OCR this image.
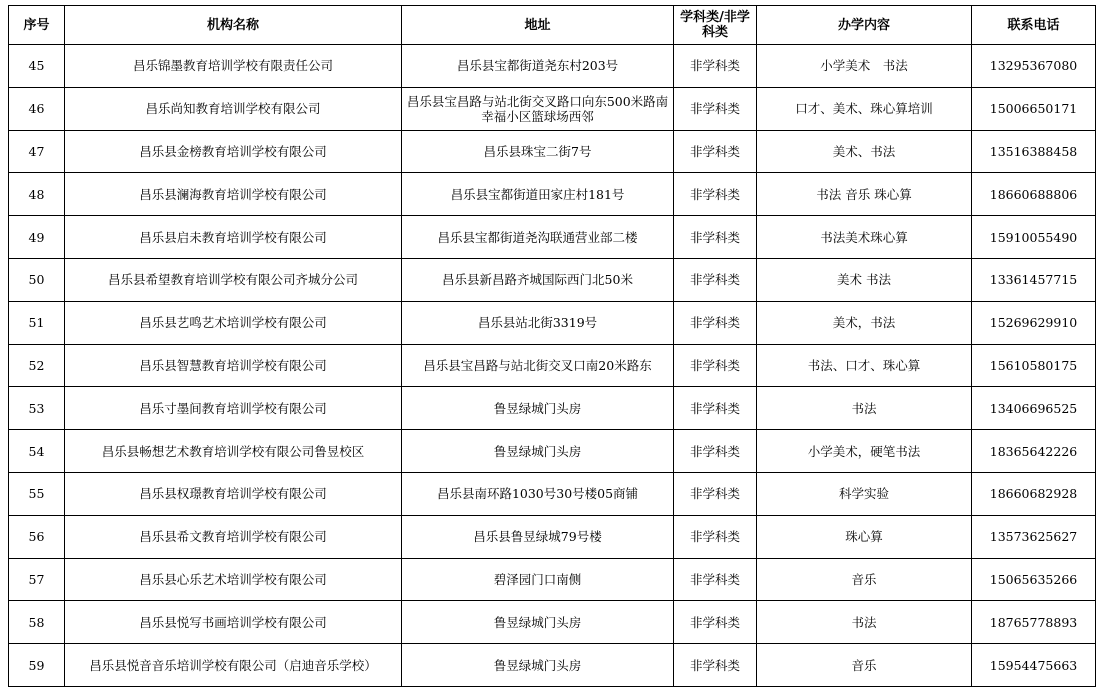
序号	机构名称	地址	学科类/非学科类	办学内容	联系电话
45	昌乐锦墨教育培训学校有限责任公司	昌乐县宝都街道尧东村203号	非学科类	小学美术　书法	13295367080
46	昌乐尚知教育培训学校有限公司	昌乐县宝昌路与站北街交叉路口向东500米路南幸福小区篮球场西邻	非学科类	口才、美术、珠心算培训	15006650171
47	昌乐县金榜教育培训学校有限公司	昌乐县珠宝二街7号	非学科类	美术、书法	13516388458
48	昌乐县澜海教育培训学校有限公司	昌乐县宝都街道田家庄村181号	非学科类	书法 音乐 珠心算	18660688806
49	昌乐县启未教育培训学校有限公司	昌乐县宝都街道尧沟联通营业部二楼	非学科类	书法美术珠心算	15910055490
50	昌乐县希望教育培训学校有限公司齐城分公司	昌乐县新昌路齐城国际西门北50米	非学科类	美术 书法	13361457715
51	昌乐县艺鸣艺术培训学校有限公司	昌乐县站北街3319号	非学科类	美术，书法	15269629910
52	昌乐县智慧教育培训学校有限公司	昌乐县宝昌路与站北街交叉口南20米路东	非学科类	书法、口才、珠心算	15610580175
53	昌乐寸墨间教育培训学校有限公司	鲁昱绿城门头房	非学科类	书法	13406696525
54	昌乐县畅想艺术教育培训学校有限公司鲁昱校区	鲁昱绿城门头房	非学科类	小学美术，硬笔书法	18365642226
55	昌乐县权璟教育培训学校有限公司	昌乐县南环路1030号30号楼05商铺	非学科类	科学实验	18660682928
56	昌乐县希文教育培训学校有限公司	昌乐县鲁昱绿城79号楼	非学科类	珠心算	13573625627
57	昌乐县心乐艺术培训学校有限公司	碧泽园门口南侧	非学科类	音乐	15065635266
58	昌乐县悦写书画培训学校有限公司	鲁昱绿城门头房	非学科类	书法	18765778893
59	昌乐县悦音音乐培训学校有限公司（启迪音乐学校）	鲁昱绿城门头房	非学科类	音乐	15954475663
